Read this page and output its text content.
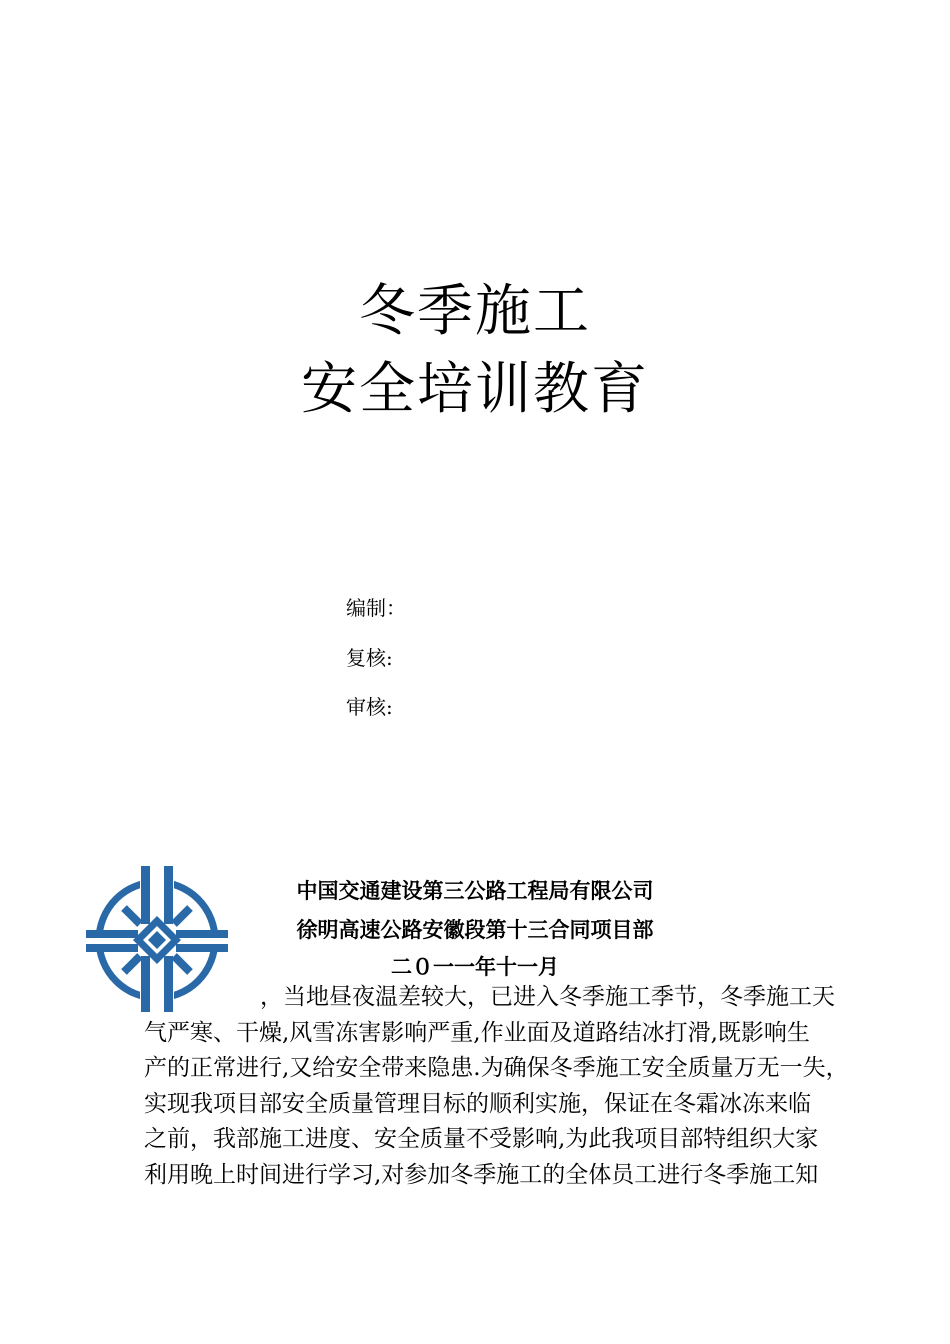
冬季施工
安全培训教育
编制：
复核:
审核:
中国交通建设第三公路工程局有限公司
徐明高速公路安徽段第十三合同项目部
二０一一年十一月
，当地昼夜温差较大，已进入冬季施工季节，冬季施工天
气严寒、干燥,风雪冻害影响严重,作业面及道路结冰打滑,既影响生
产的正常进行,又给安全带来隐患.为确保冬季施工安全质量万无一失，
实现我项目部安全质量管理目标的顺利实施，保证在冬霜冰冻来临
之前，我部施工进度、安全质量不受影响,为此我项目部特组织大家
利用晚上时间进行学习,对参加冬季施工的全体员工进行冬季施工知
